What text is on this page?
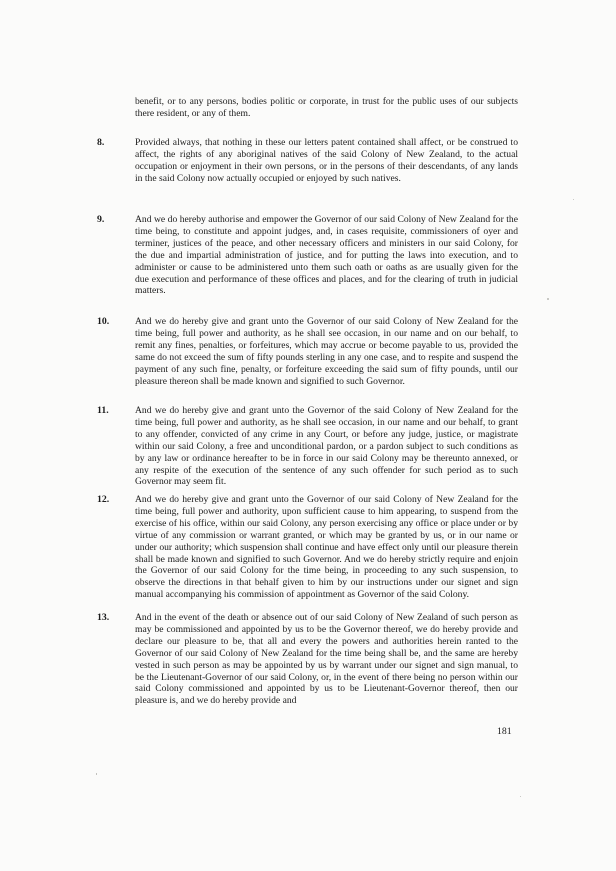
benefit, or to any persons, bodies politic or corporate, in trust for the public uses of our subjects there resident, or any of them.
8.	Provided always, that nothing in these our letters patent contained shall affect, or be construed to affect, the rights of any aboriginal natives of the said Colony of New Zealand, to the actual occupation or enjoyment in their own persons, or in the persons of their descendants, of any lands in the said Colony now actually occupied or enjoyed by such natives.
9.	And we do hereby authorise and empower the Governor of our said Colony of New Zealand for the time being, to constitute and appoint judges, and, in cases requisite, commissioners of oyer and terminer, justices of the peace, and other necessary officers and ministers in our said Colony, for the due and impartial administration of justice, and for putting the laws into execution, and to administer or cause to be administered unto them such oath or oaths as are usually given for the due execution and performance of these offices and places, and for the clearing of truth in judicial matters.
10.	And we do hereby give and grant unto the Governor of our said Colony of New Zealand for the time being, full power and authority, as he shall see occasion, in our name and on our behalf, to remit any fines, penalties, or forfeitures, which may accrue or become payable to us, provided the same do not exceed the sum of fifty pounds sterling in any one case, and to respite and suspend the payment of any such fine, penalty, or forfeiture exceeding the said sum of fifty pounds, until our pleasure thereon shall be made known and signified to such Governor.
11.	And we do hereby give and grant unto the Governor of the said Colony of New Zealand for the time being, full power and authority, as he shall see occasion, in our name and our behalf, to grant to any offender, convicted of any crime in any Court, or before any judge, justice, or magistrate within our said Colony, a free and unconditional pardon, or a pardon subject to such conditions as by any law or ordinance hereafter to be in force in our said Colony may be thereunto annexed, or any respite of the execution of the sentence of any such offender for such period as to such Governor may seem fit.
12.	And we do hereby give and grant unto the Governor of our said Colony of New Zealand for the time being, full power and authority, upon sufficient cause to him appearing, to suspend from the exercise of his office, within our said Colony, any person exercising any office or place under or by virtue of any commission or warrant granted, or which may be granted by us, or in our name or under our authority; which suspension shall continue and have effect only until our pleasure therein shall be made known and signified to such Governor. And we do hereby strictly require and enjoin the Governor of our said Colony for the time being, in proceeding to any such suspension, to observe the directions in that behalf given to him by our instructions under our signet and sign manual accompanying his commission of appointment as Governor of the said Colony.
13.	And in the event of the death or absence out of our said Colony of New Zealand of such person as may be commissioned and appointed by us to be the Governor thereof, we do hereby provide and declare our pleasure to be, that all and every the powers and authorities herein ranted to the Governor of our said Colony of New Zealand for the time being shall be, and the same are hereby vested in such person as may be appointed by us by warrant under our signet and sign manual, to be the Lieutenant-Governor of our said Colony, or, in the event of there being no person within our said Colony commissioned and appointed by us to be Lieutenant-Governor thereof, then our pleasure is, and we do hereby provide and
181
